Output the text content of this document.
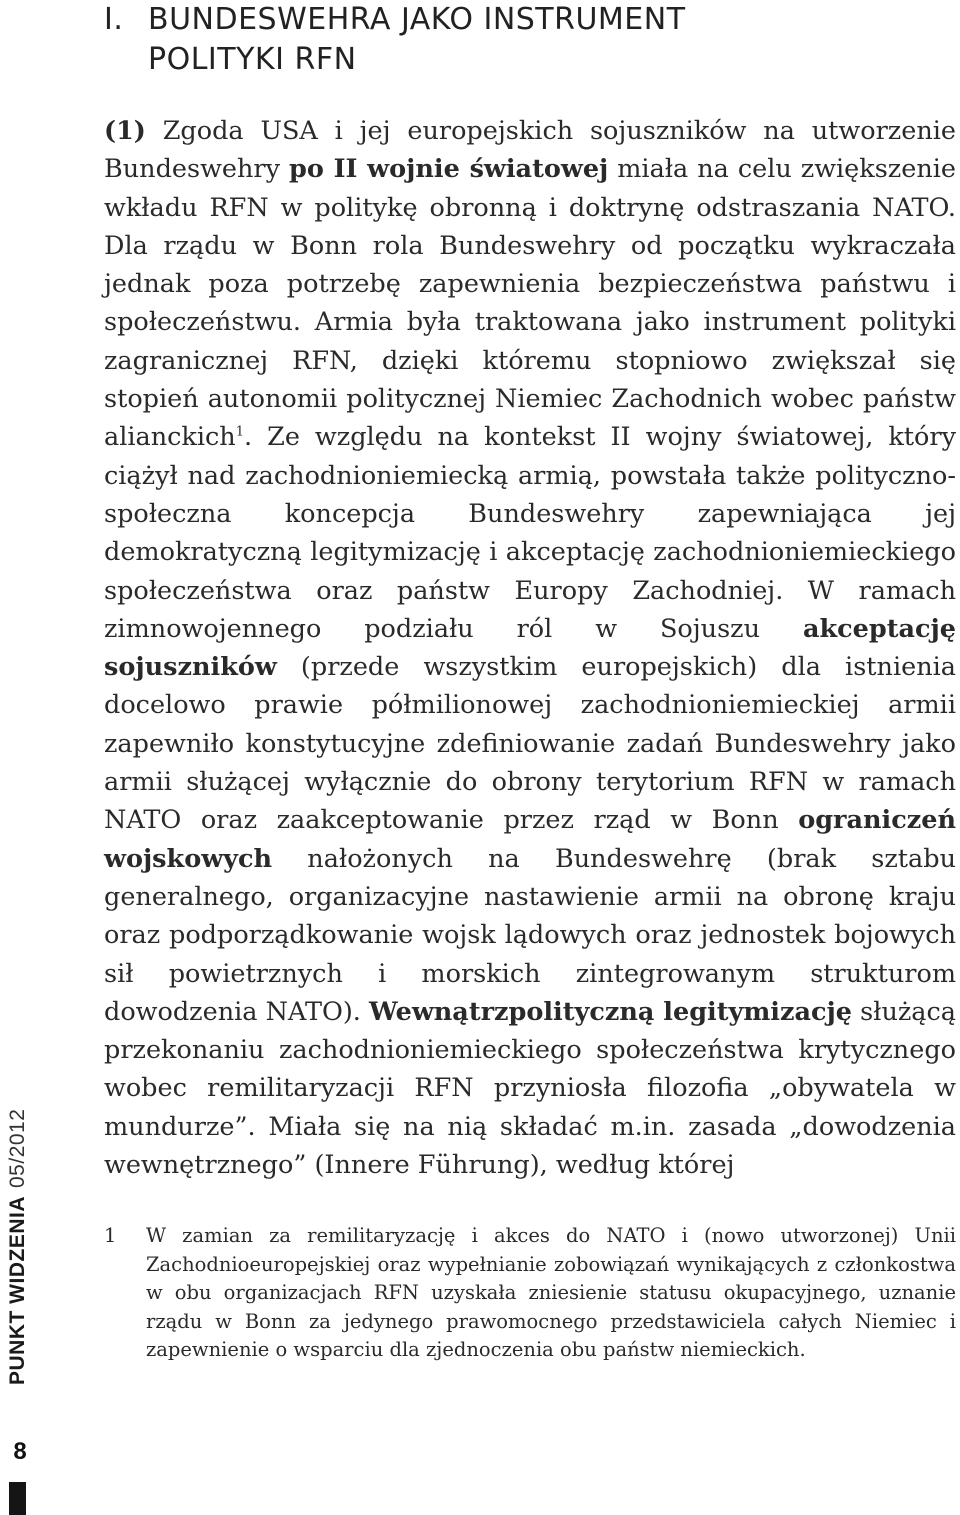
I. BUNDESWEHRA JAKO INSTRUMENT
POLITYKI RFN

(1) Zgoda USA i jej europejskich sojuszników na utworzenie Bundeswehry po II wojnie światowej miała na celu zwiększenie wkładu RFN w politykę obronną i doktrynę odstraszania NATO. Dla rządu w Bonn rola Bundeswehry od początku wykraczała jednak poza potrzebę zapewnienia bezpieczeństwa państwu i społeczeństwu. Armia była traktowana jako instrument polityki zagranicznej RFN, dzięki któremu stopniowo zwiększał się stopień autonomii politycznej Niemiec Zachodnich wobec państw alianckich$^1$. Ze względu na kontekst II wojny światowej, który ciążył nad zachodnioniemiecką armią, powstała także polityczno-społeczna koncepcja Bundeswehry zapewniająca jej demokratyczną legitymizację i akceptację zachodnioniemieckiego społeczeństwa oraz państw Europy Zachodniej. W ramach zimnowojennego podziału ról w Sojuszu akceptację sojuszników (przede wszystkim europejskich) dla istnienia docelowo prawie półmilionowej zachodnioniemieckiej armii zapewniło konstytucyjne zdefiniowanie zadań Bundeswehry jako armii służącej wyłącznie do obrony terytorium RFN w ramach NATO oraz zaakceptowanie przez rząd w Bonn ograniczeń wojskowych nałożonych na Bundeswehrę (brak sztabu generalnego, organizacyjne nastawienie armii na obronę kraju oraz podporządkowanie wojsk lądowych oraz jednostek bojowych sił powietrznych i morskich zintegrowanym strukturom dowodzenia NATO). Wewnątrzpolityczną legitymizację służącą przekonaniu zachodnioniemieckiego społeczeństwa krytycznego wobec remilitaryzacji RFN przyniosła filozofia „obywatela w mundurze”. Miała się na nią składać m.in. zasada „dowodzenia wewnętrznego” (Innere Führung), według której

1	W zamian za remilitaryzację i akces do NATO i (nowo utworzonej) Unii Zachodnioeuropejskiej oraz wypełnianie zobowiązań wynikających z członkostwa w obu organizacjach RFN uzyskała zniesienie statusu okupacyjnego, uznanie rządu w Bonn za jedynego prawomocnego przedstawiciela całych Niemiec i zapewnienie o wsparciu dla zjednoczenia obu państw niemieckich.
PUNKT WIDZENIA05/2012
8
